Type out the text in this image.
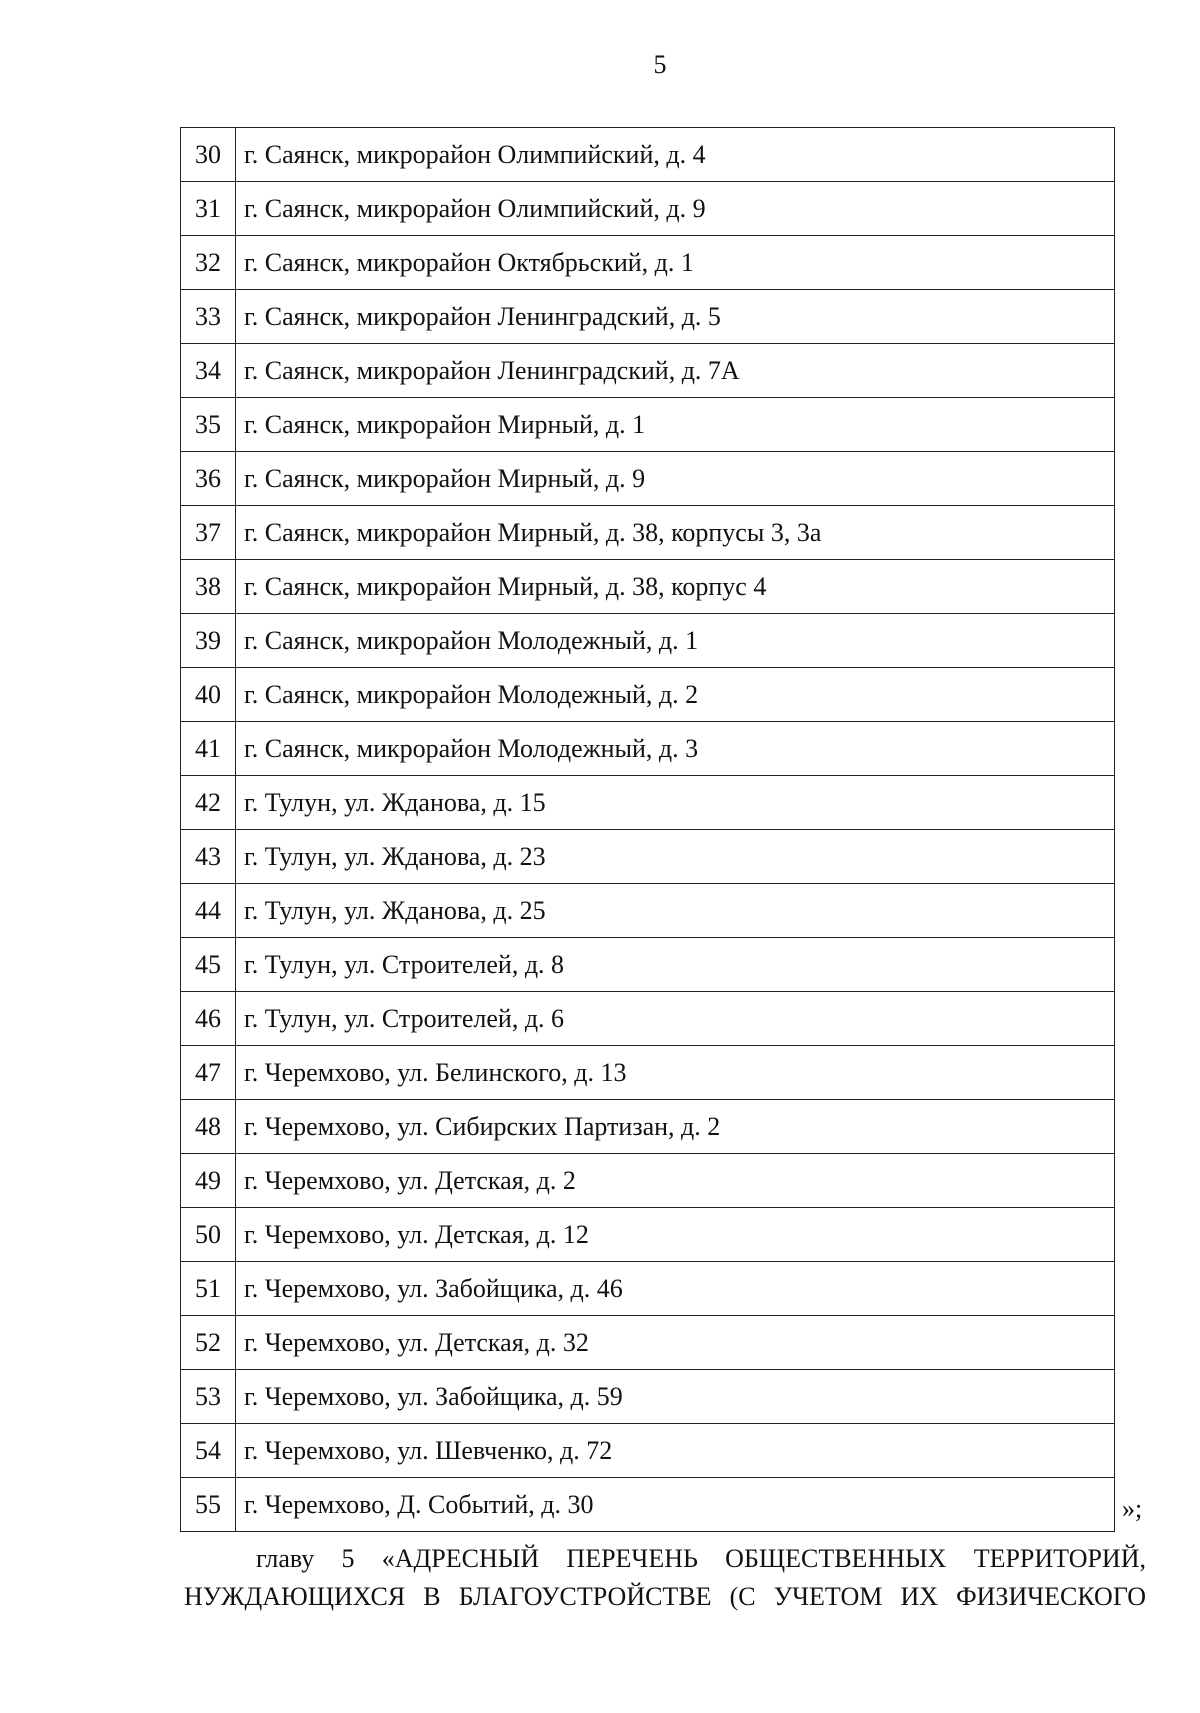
5
30	г. Саянск, микрорайон Олимпийский, д. 4
31	г. Саянск, микрорайон Олимпийский, д. 9
32	г. Саянск, микрорайон Октябрьский, д. 1
33	г. Саянск, микрорайон Ленинградский, д. 5
34	г. Саянск, микрорайон Ленинградский, д. 7А
35	г. Саянск, микрорайон Мирный, д. 1
36	г. Саянск, микрорайон Мирный, д. 9
37	г. Саянск, микрорайон Мирный, д. 38, корпусы 3, 3а
38	г. Саянск, микрорайон Мирный, д. 38, корпус 4
39	г. Саянск, микрорайон Молодежный, д. 1
40	г. Саянск, микрорайон Молодежный, д. 2
41	г. Саянск, микрорайон Молодежный, д. 3
42	г. Тулун, ул. Жданова, д. 15
43	г. Тулун, ул. Жданова, д. 23
44	г. Тулун, ул. Жданова, д. 25
45	г. Тулун, ул. Строителей, д. 8
46	г. Тулун, ул. Строителей, д. 6
47	г. Черемхово, ул. Белинского, д. 13
48	г. Черемхово, ул. Сибирских Партизан, д. 2
49	г. Черемхово, ул. Детская, д. 2
50	г. Черемхово, ул. Детская, д. 12
51	г. Черемхово, ул. Забойщика, д. 46
52	г. Черемхово, ул. Детская, д. 32
53	г. Черемхово, ул. Забойщика, д. 59
54	г. Черемхово, ул. Шевченко, д. 72
55	г. Черемхово, Д. Событий, д. 30	»;
главу 5 «АДРЕСНЫЙ ПЕРЕЧЕНЬ ОБЩЕСТВЕННЫХ ТЕРРИТОРИЙ,
НУЖДАЮЩИХСЯ В БЛАГОУСТРОЙСТВЕ (С УЧЕТОМ ИХ ФИЗИЧЕСКОГО
